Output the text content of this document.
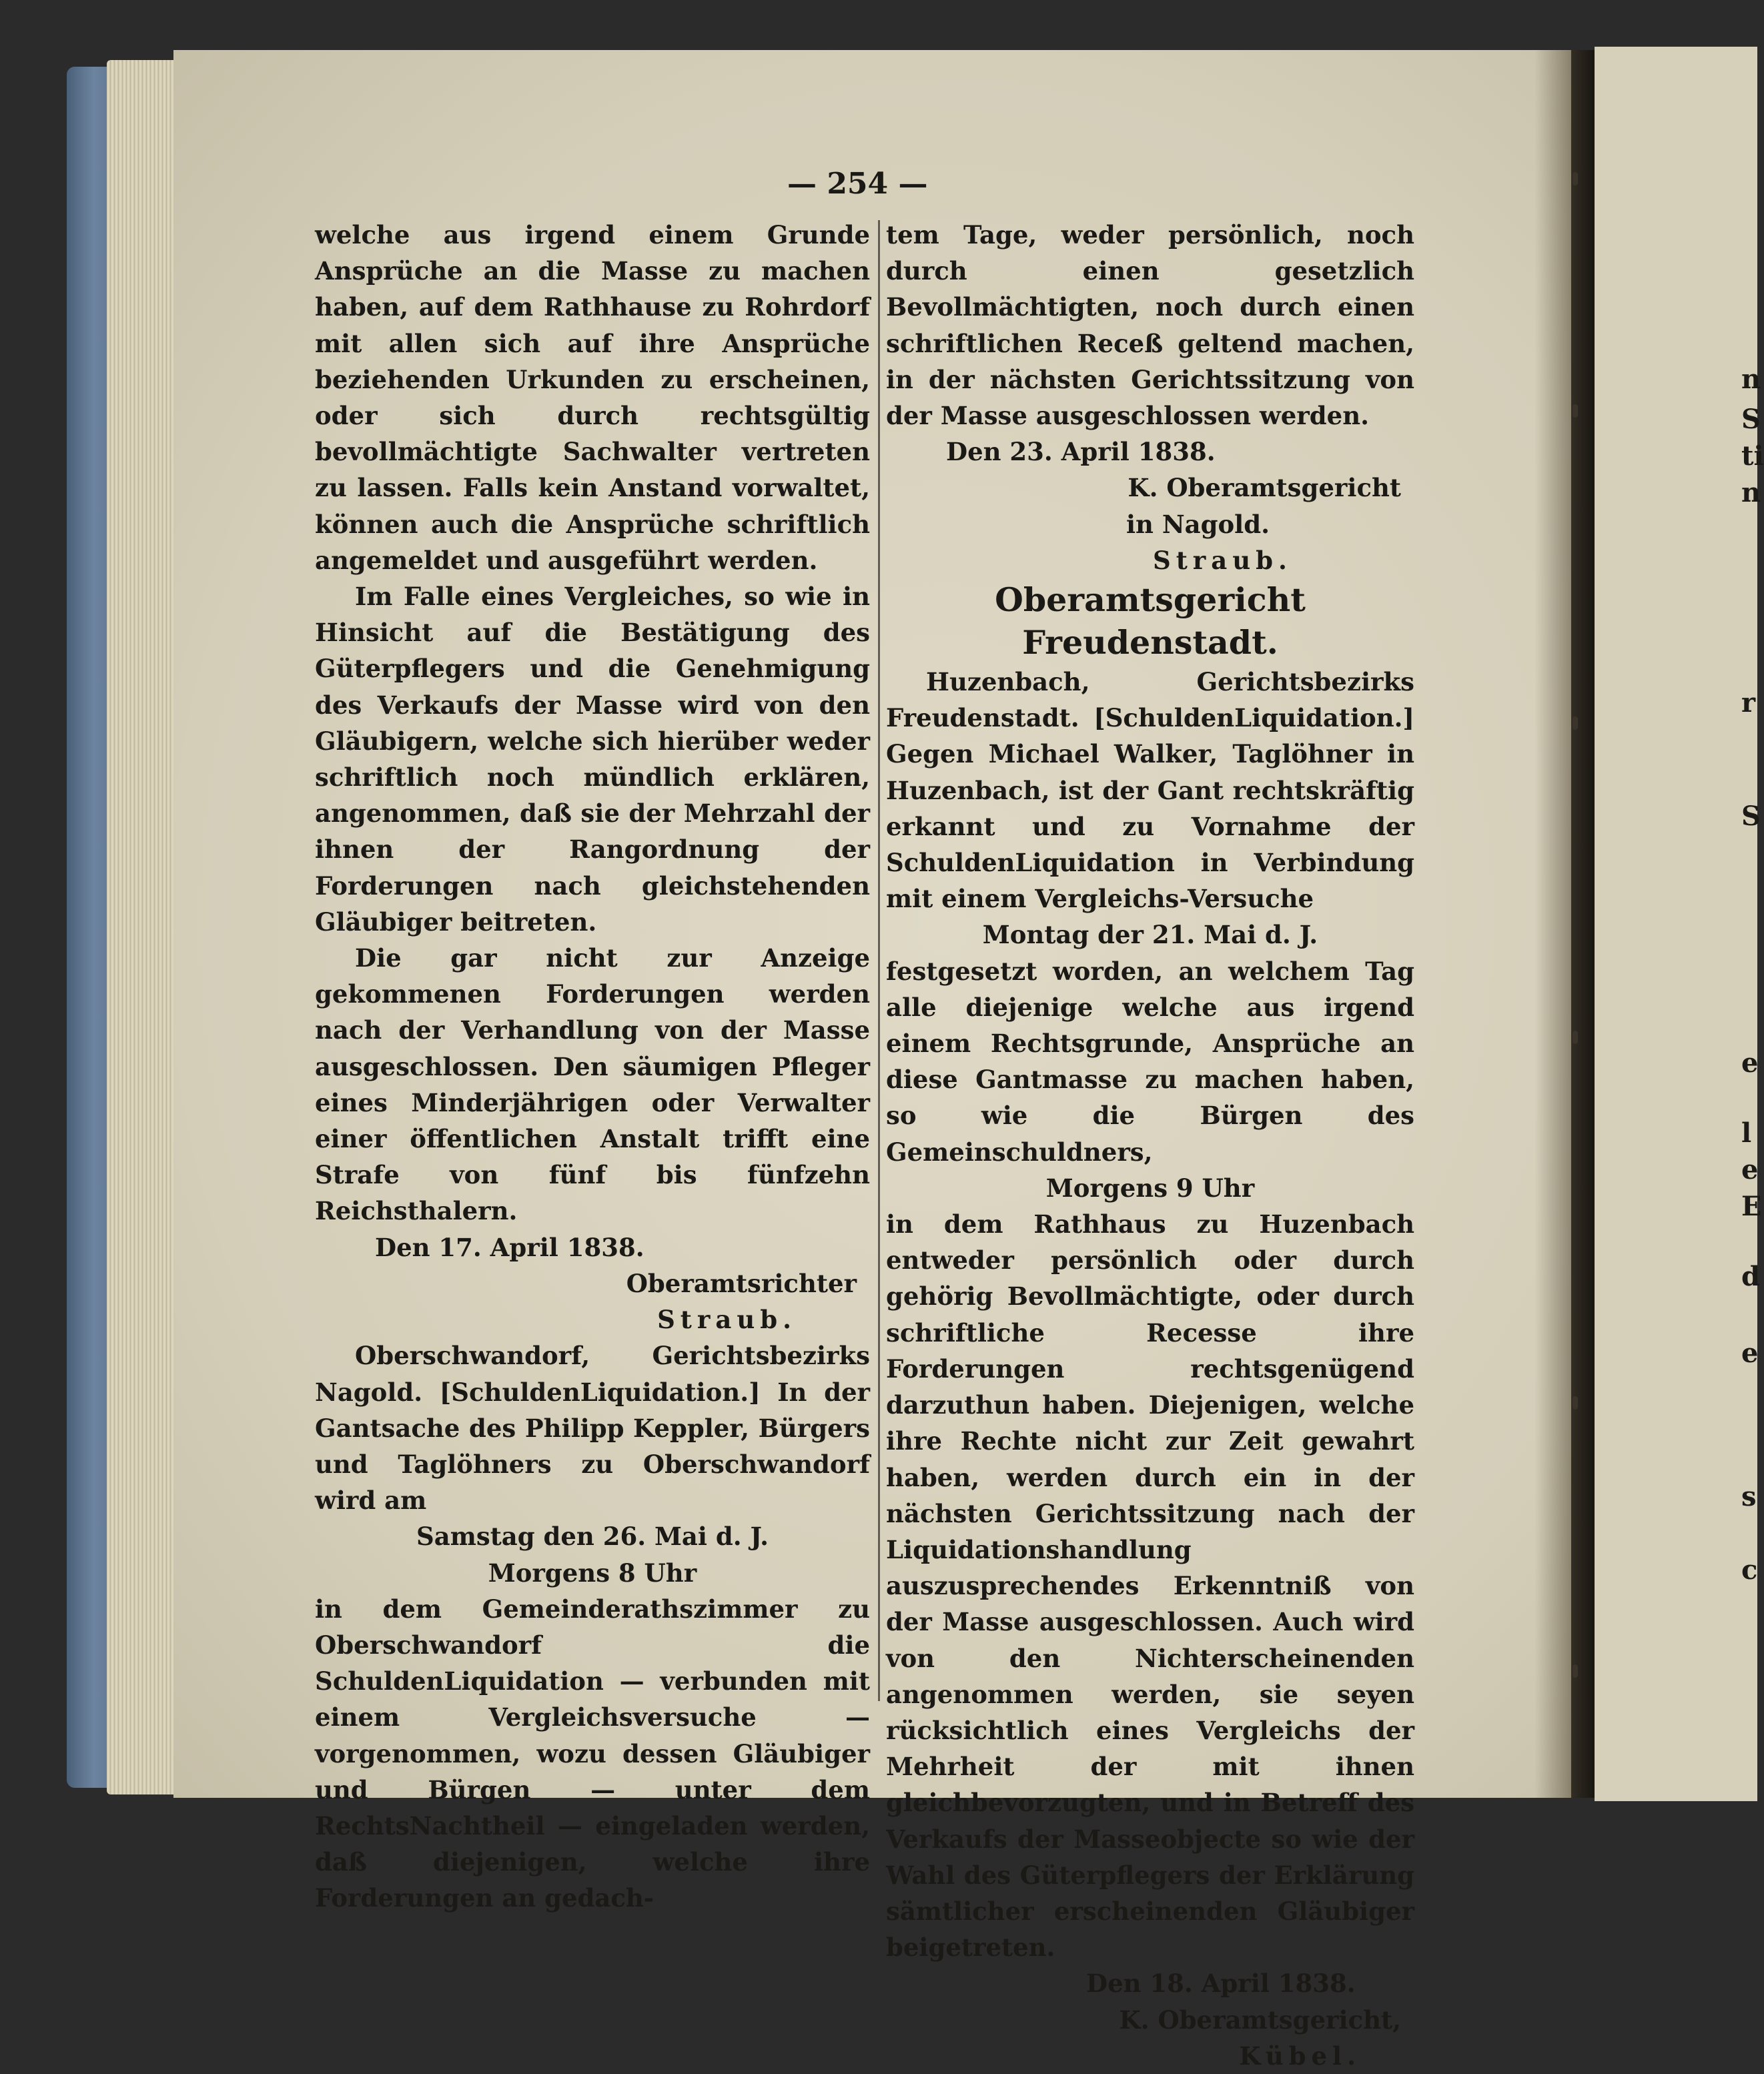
— 254 —

welche aus irgend einem Grunde Ansprüche an die Masse zu machen haben, auf dem Rathhause zu Rohrdorf mit allen sich auf ihre Ansprüche beziehenden Urkunden zu erscheinen, oder sich durch rechtsgültig bevollmächtigte Sachwalter vertreten zu lassen. Falls kein Anstand vorwaltet, können auch die Ansprüche schriftlich angemeldet und ausgeführt werden.

Im Falle eines Vergleiches, so wie in Hinsicht auf die Bestätigung des Güterpflegers und die Genehmigung des Verkaufs der Masse wird von den Gläubigern, welche sich hierüber weder schriftlich noch mündlich erklären, angenommen, daß sie der Mehrzahl der ihnen der Rangordnung der Forderungen nach gleichstehenden Gläubiger beitreten.

Die gar nicht zur Anzeige gekommenen Forderungen werden nach der Verhandlung von der Masse ausgeschlossen. Den säumigen Pfleger eines Minderjährigen oder Verwalter einer öffentlichen Anstalt trifft eine Strafe von fünf bis fünfzehn Reichsthalern.

Den 17. April 1838.

Oberamtsrichter

Straub.

Oberschwandorf, Gerichtsbezirks Nagold. [SchuldenLiquidation.] In der Gantsache des Philipp Keppler, Bürgers und Taglöhners zu Oberschwandorf wird am

Samstag den 26. Mai d. J.

Morgens 8 Uhr

in dem Gemeinderathszimmer zu Oberschwandorf die SchuldenLiquidation — verbunden mit einem Vergleichsversuche — vorgenommen, wozu dessen Gläubiger und Bürgen — unter dem RechtsNachtheil — eingeladen werden, daß diejenigen, welche ihre Forderungen an gedach-

tem Tage, weder persönlich, noch durch einen gesetzlich Bevollmächtigten, noch durch einen schriftlichen Receß geltend machen, in der nächsten Gerichtssitzung von der Masse ausgeschlossen werden.

Den 23. April 1838.

K. Oberamtsgericht

in Nagold.

Straub.

Oberamtsgericht Freudenstadt.

Huzenbach, Gerichtsbezirks Freudenstadt. [SchuldenLiquidation.] Gegen Michael Walker, Taglöhner in Huzenbach, ist der Gant rechtskräftig erkannt und zu Vornahme der SchuldenLiquidation in Verbindung mit einem Vergleichs-Versuche

Montag der 21. Mai d. J.

festgesetzt worden, an welchem Tag alle diejenige welche aus irgend einem Rechtsgrunde, Ansprüche an diese Gantmasse zu machen haben, so wie die Bürgen des Gemeinschuldners,

Morgens 9 Uhr

in dem Rathhaus zu Huzenbach entweder persönlich oder durch gehörig Bevollmächtigte, oder durch schriftliche Recesse ihre Forderungen rechtsgenügend darzuthun haben. Diejenigen, welche ihre Rechte nicht zur Zeit gewahrt haben, werden durch ein in der nächsten Gerichtssitzung nach der Liquidationshandlung auszusprechendes Erkenntniß von der Masse ausgeschlossen. Auch wird von den Nichterscheinenden angenommen werden, sie seyen rücksichtlich eines Vergleichs der Mehrheit der mit ihnen gleichbevorzugten, und in Betreff des Verkaufs der Masseobjecte so wie der Wahl des Güterpflegers der Erklärung sämtlicher erscheinenden Gläubiger beigetreten.

Den 18. April 1838.

K. Oberamtsgericht,

Kübel.

n
S
ti
n
r
S
e
l
e
E
d
e
s
c
